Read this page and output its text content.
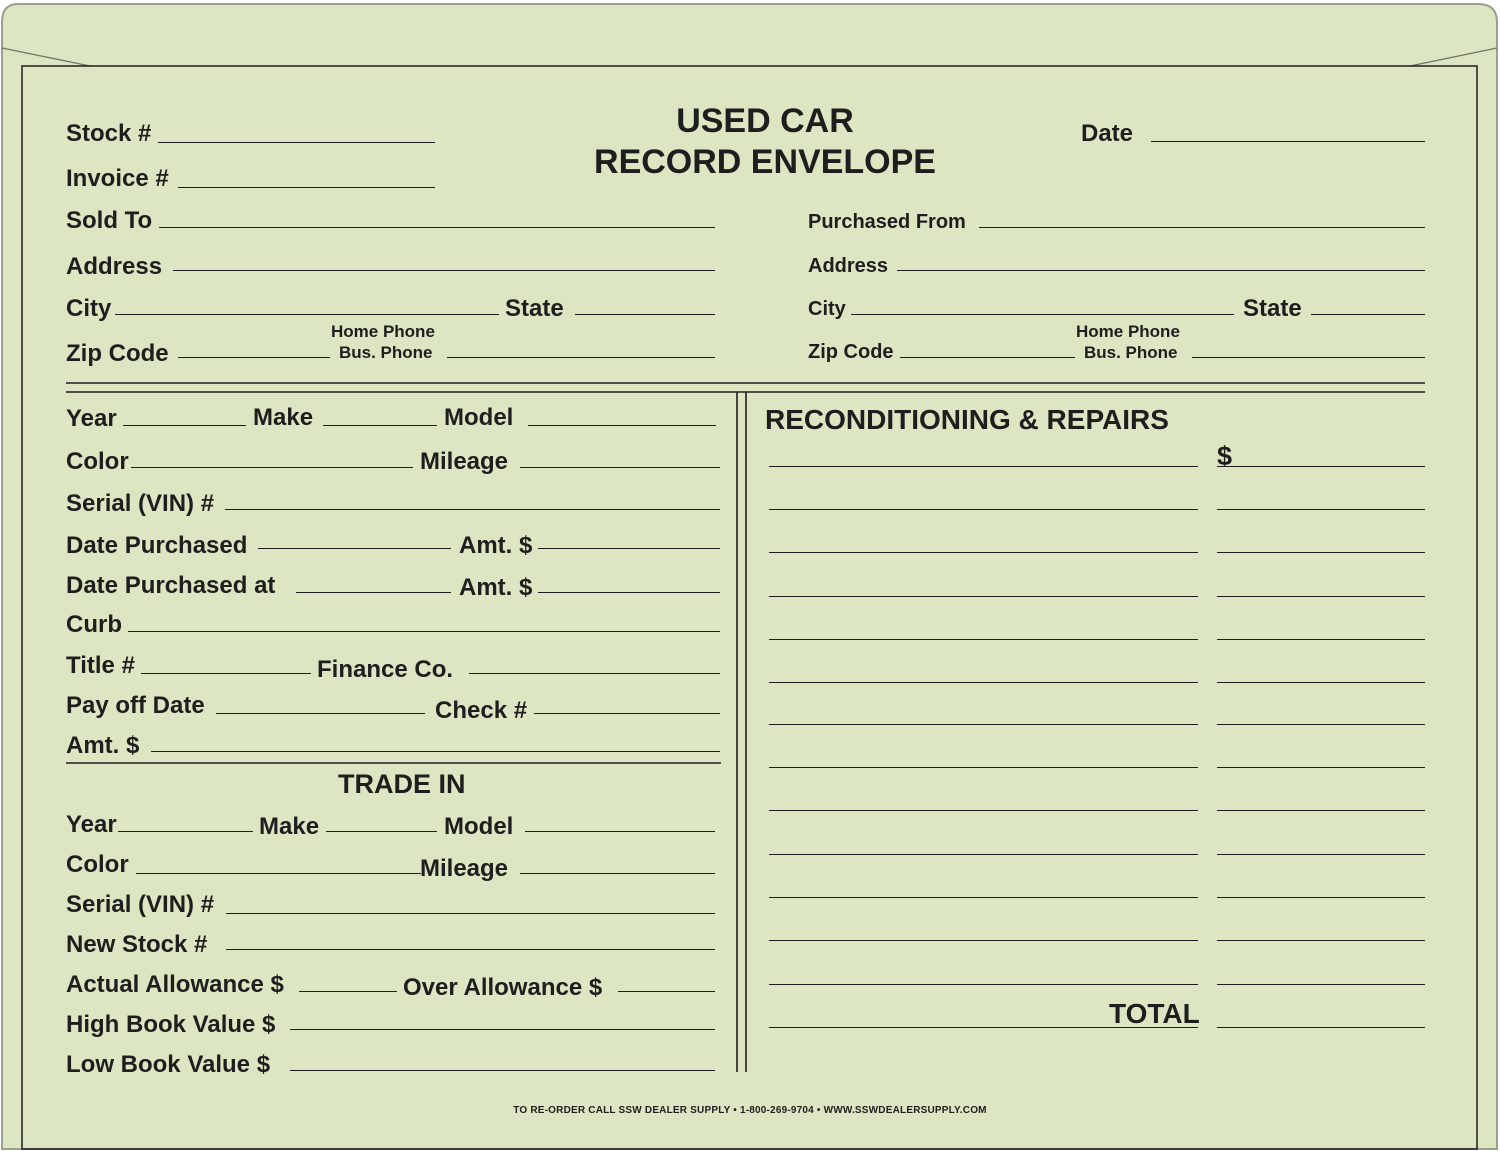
USED CAR
RECORD ENVELOPE
Stock #
Invoice #
Date
Sold To
Address
City	State
Zip Code
Home Phone
Bus. Phone
Purchased From
Address
City	State
Zip Code
Home Phone
Bus. Phone
Year	Make	Model
Color	Mileage
Serial (VIN) #
Date Purchased	Amt. $
Date Purchased at	Amt. $
Curb
Title #	Finance Co.
Pay off Date	Check #
Amt. $
TRADE IN
Year	Make	Model
Color	Mileage
Serial (VIN) #
New Stock #
Actual Allowance $	Over Allowance $
High Book Value $
Low Book Value $
RECONDITIONING & REPAIRS
$
TOTAL
TO RE-ORDER CALL SSW DEALER SUPPLY • 1-800-269-9704 • WWW.SSWDEALERSUPPLY.COM
